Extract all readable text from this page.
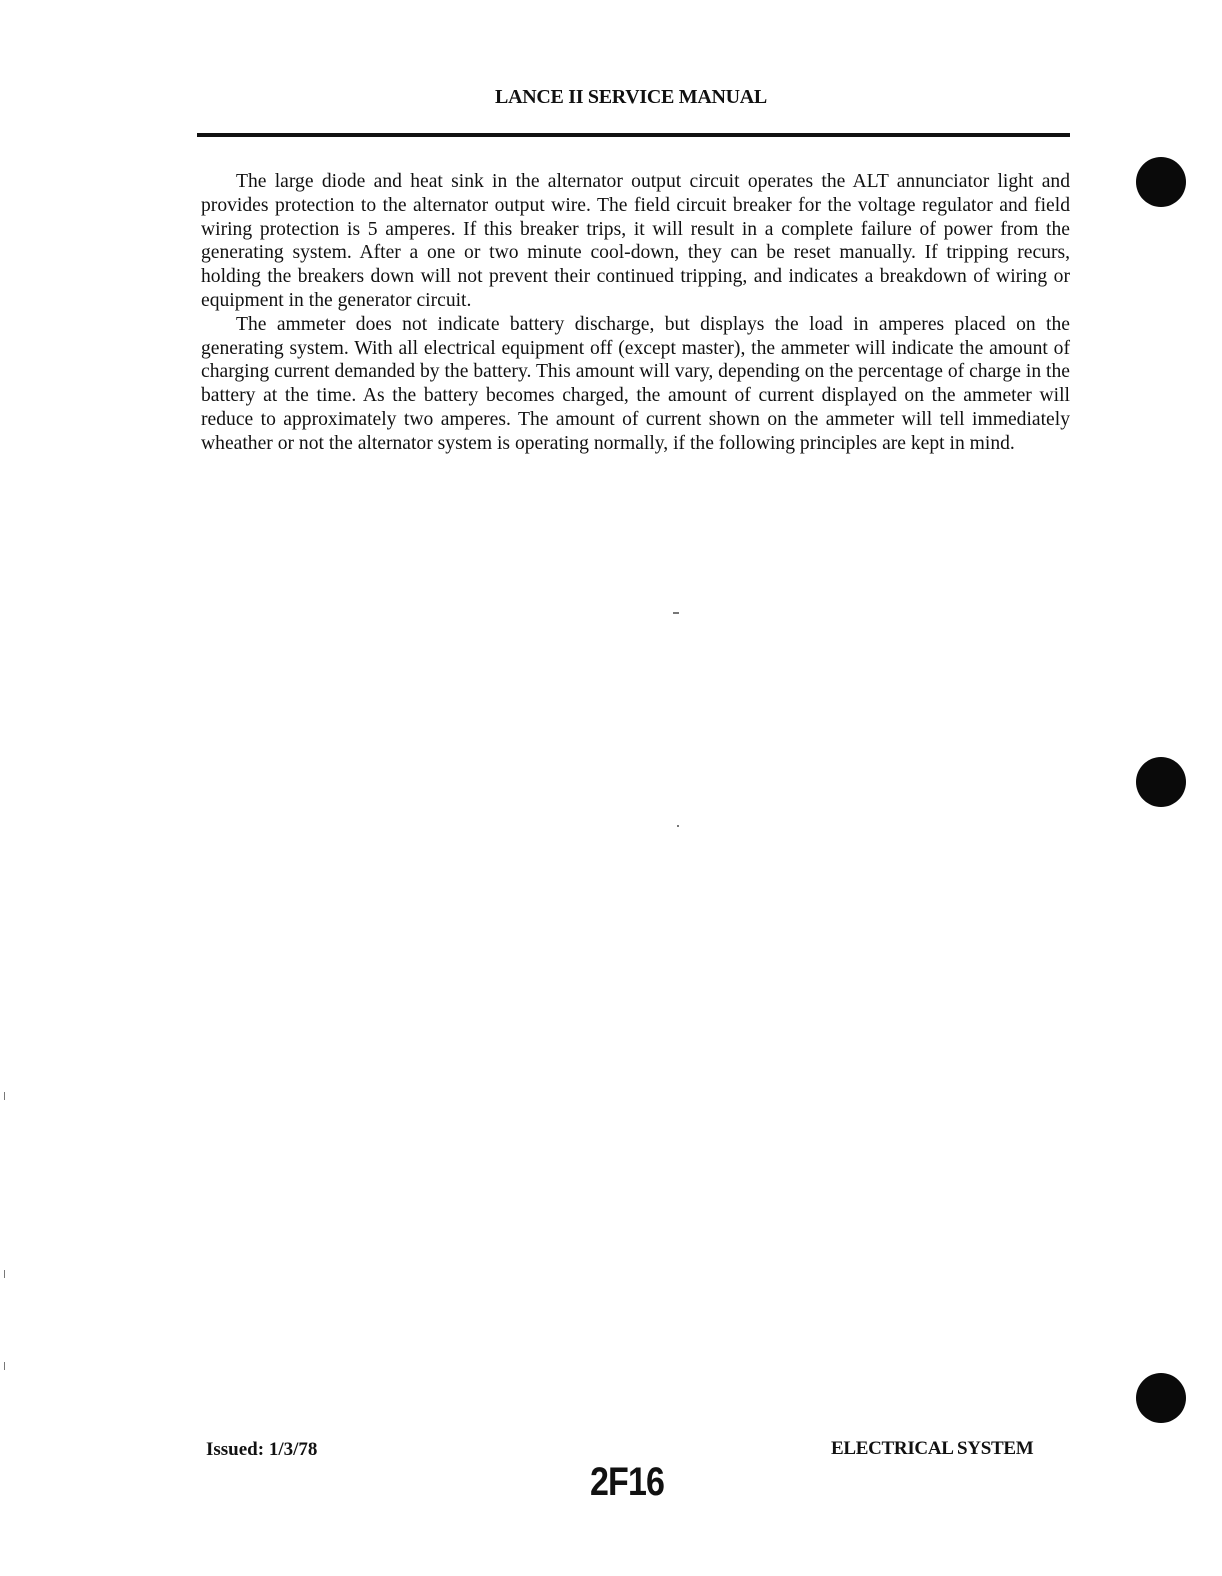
LANCE II SERVICE MANUAL

The large diode and heat sink in the alternator output circuit operates the ALT annunciator light and provides protection to the alternator output wire. The field circuit breaker for the voltage regulator and field wiring protection is 5 amperes. If this breaker trips, it will result in a complete failure of power from the generating system. After a one or two minute cool-down, they can be reset manually. If tripping recurs, holding the breakers down will not prevent their continued tripping, and indicates a breakdown of wiring or equipment in the generator circuit.

The ammeter does not indicate battery discharge, but displays the load in amperes placed on the generating system. With all electrical equipment off (except master), the ammeter will indicate the amount of charging current demanded by the battery. This amount will vary, depending on the percentage of charge in the battery at the time. As the battery becomes charged, the amount of current displayed on the ammeter will reduce to approximately two amperes. The amount of current shown on the ammeter will tell immediately wheather or not the alternator system is operating normally, if the following principles are kept in mind.

Issued: 1/3/78	ELECTRICAL SYSTEM
2F16
